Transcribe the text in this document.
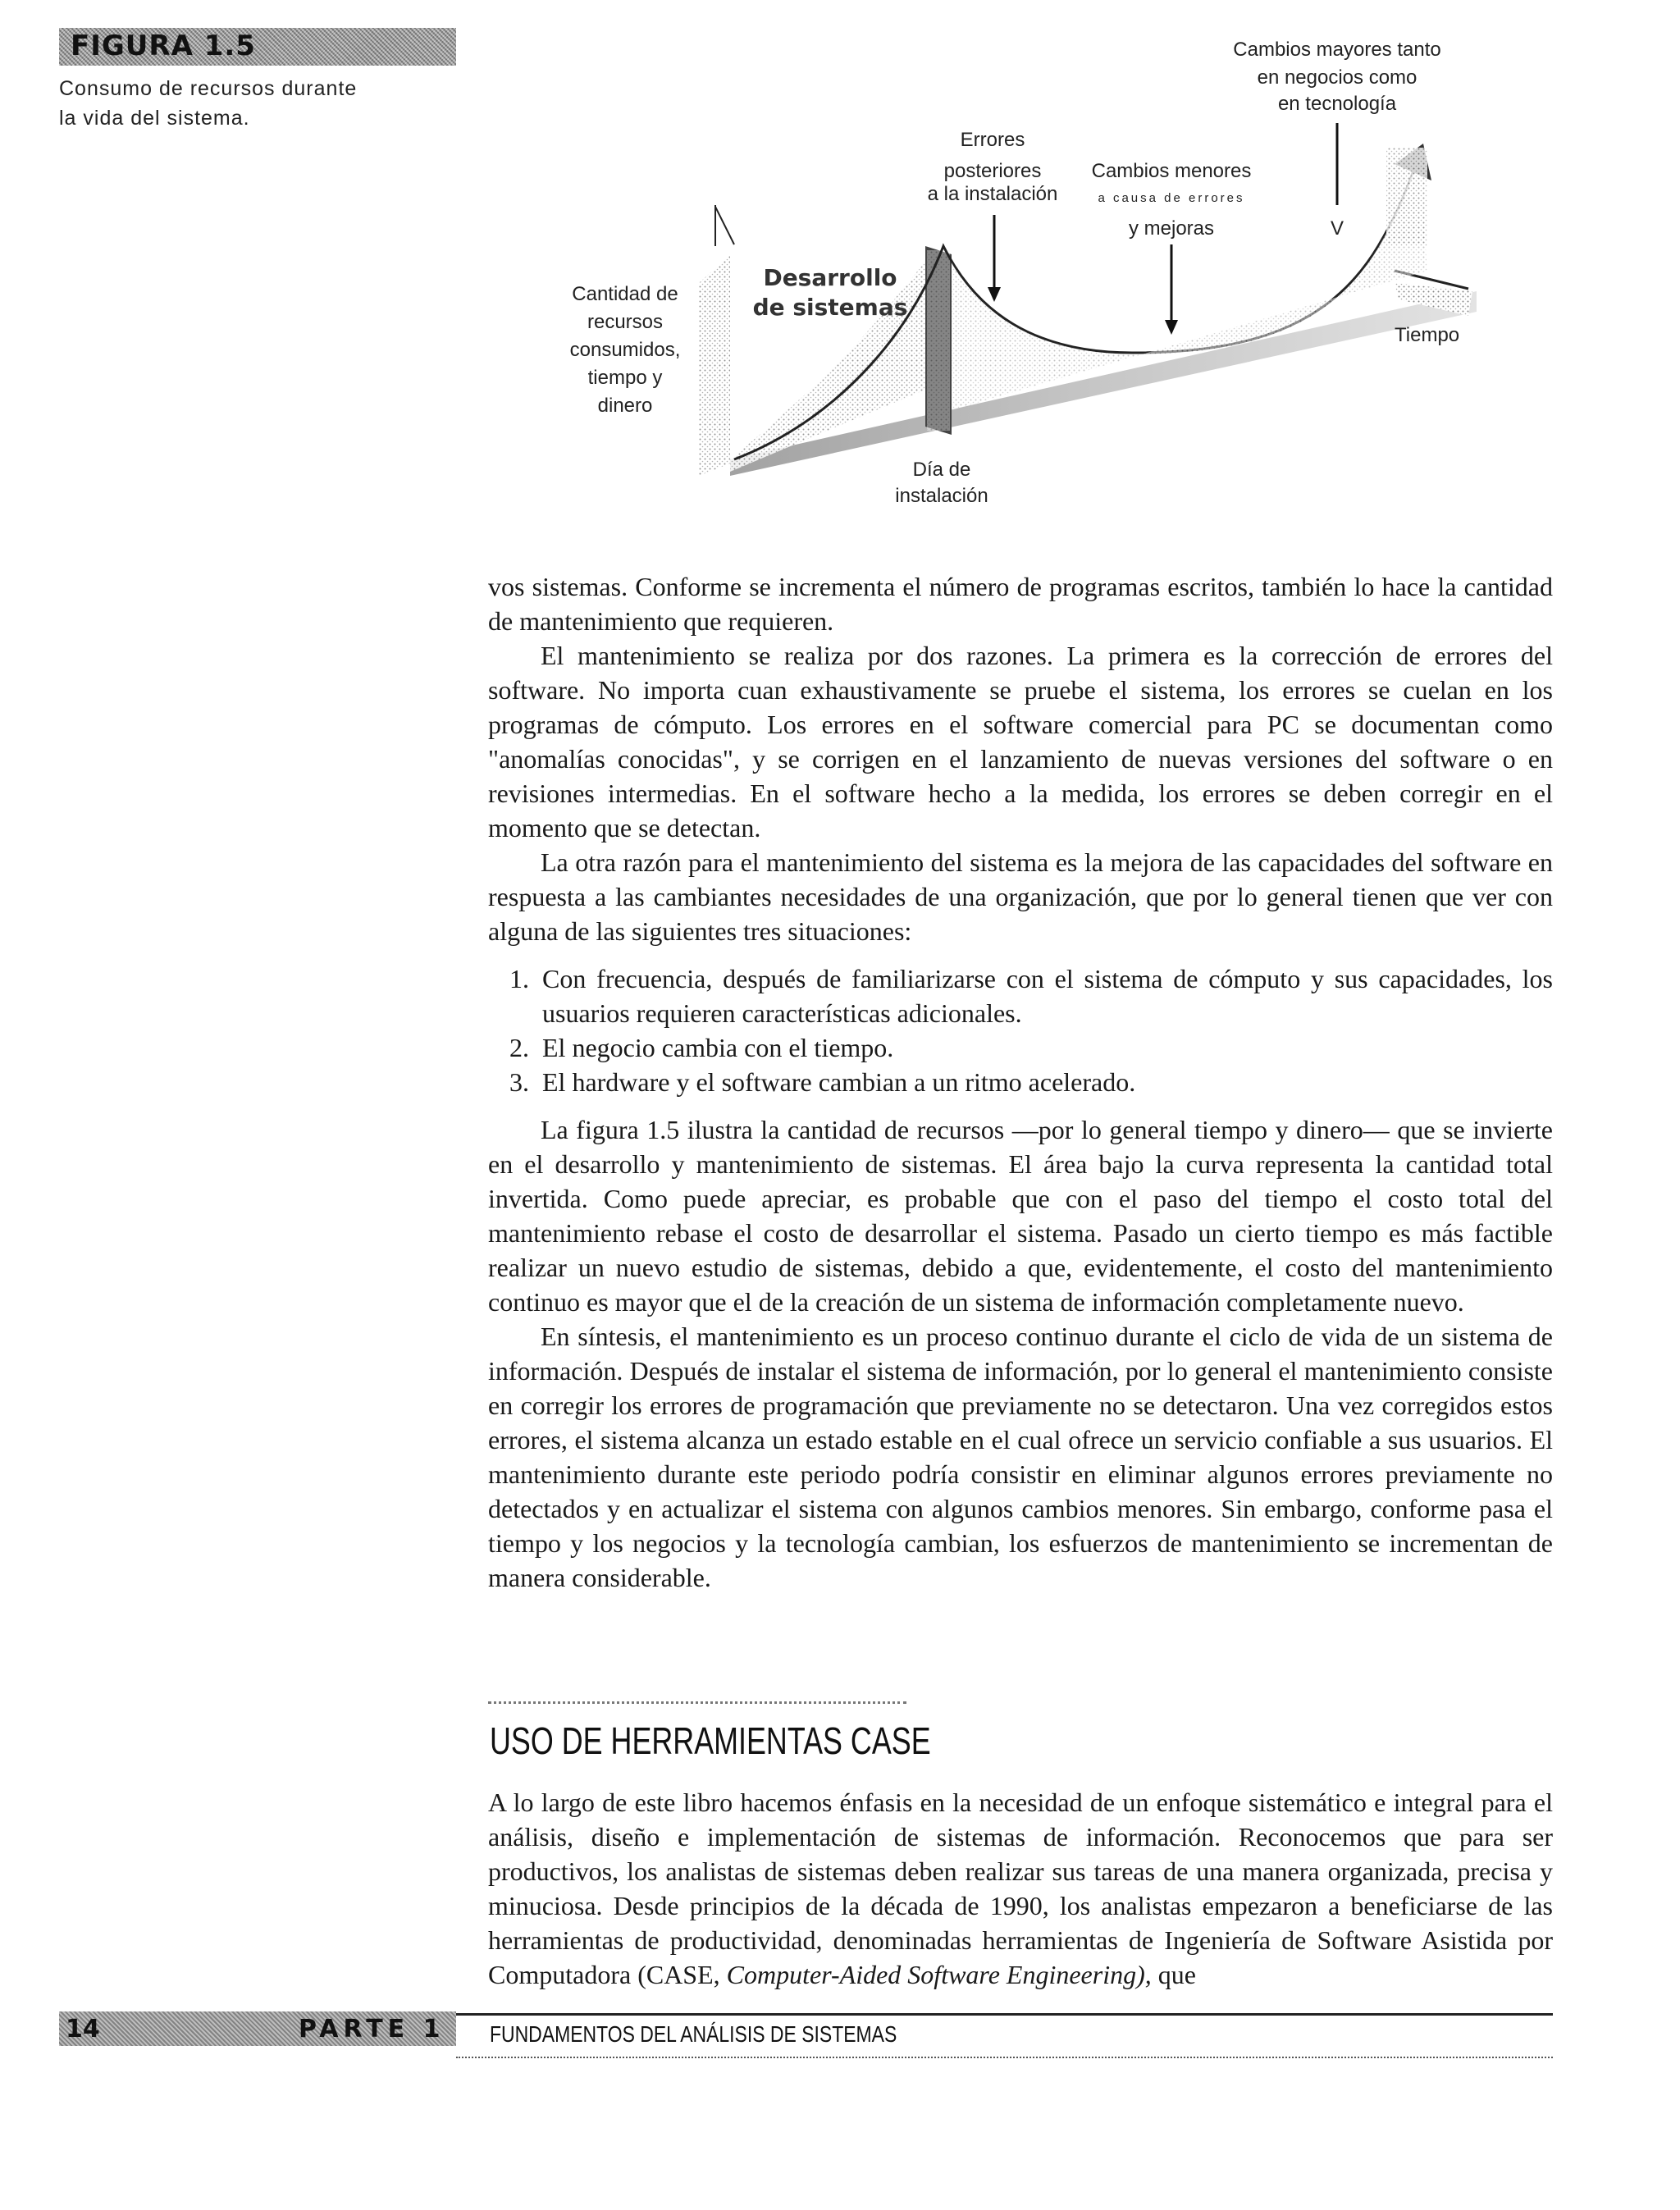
FIGURA 1.5
Consumo de recursos durante
la vida del sistema.
Cantidad de
recursos
consumidos,
tiempo y
dinero
Desarrollo
de sistemas
Día de
instalación
Errores
posteriores
a la instalación
Cambios menores
a causa de errores
y mejoras
Cambios mayores tanto
en negocios como
en tecnología
V
Tiempo

vos sistemas. Conforme se incrementa el número de programas escritos, también lo hace la cantidad de mantenimiento que requieren.

El mantenimiento se realiza por dos razones. La primera es la corrección de errores del software. No importa cuan exhaustivamente se pruebe el sistema, los errores se cuelan en los programas de cómputo. Los errores en el software comercial para PC se documentan como "anomalías conocidas", y se corrigen en el lanzamiento de nuevas versiones del software o en revisiones intermedias. En el software hecho a la medida, los errores se deben corregir en el momento que se detectan.

La otra razón para el mantenimiento del sistema es la mejora de las capacidades del software en respuesta a las cambiantes necesidades de una organización, que por lo general tienen que ver con alguna de las siguientes tres situaciones:

1. Con frecuencia, después de familiarizarse con el sistema de cómputo y sus capacidades, los usuarios requieren características adicionales.
2. El negocio cambia con el tiempo.
3. El hardware y el software cambian a un ritmo acelerado.

La figura 1.5 ilustra la cantidad de recursos —por lo general tiempo y dinero— que se invierte en el desarrollo y mantenimiento de sistemas. El área bajo la curva representa la cantidad total invertida. Como puede apreciar, es probable que con el paso del tiempo el costo total del mantenimiento rebase el costo de desarrollar el sistema. Pasado un cierto tiempo es más factible realizar un nuevo estudio de sistemas, debido a que, evidentemente, el costo del mantenimiento continuo es mayor que el de la creación de un sistema de información completamente nuevo.

En síntesis, el mantenimiento es un proceso continuo durante el ciclo de vida de un sistema de información. Después de instalar el sistema de información, por lo general el mantenimiento consiste en corregir los errores de programación que previamente no se detectaron. Una vez corregidos estos errores, el sistema alcanza un estado estable en el cual ofrece un servicio confiable a sus usuarios. El mantenimiento durante este periodo podría consistir en eliminar algunos errores previamente no detectados y en actualizar el sistema con algunos cambios menores. Sin embargo, conforme pasa el tiempo y los negocios y la tecnología cambian, los esfuerzos de mantenimiento se incrementan de manera considerable.

USO DE HERRAMIENTAS CASE

A lo largo de este libro hacemos énfasis en la necesidad de un enfoque sistemático e integral para el análisis, diseño e implementación de sistemas de información. Reconocemos que para ser productivos, los analistas de sistemas deben realizar sus tareas de una manera organizada, precisa y minuciosa. Desde principios de la década de 1990, los analistas empezaron a beneficiarse de las herramientas de productividad, denominadas herramientas de Ingeniería de Software Asistida por Computadora (CASE, Computer-Aided Software Engineering), que

14	PARTE 1 FUNDAMENTOS DEL ANÁLISIS DE SISTEMAS
